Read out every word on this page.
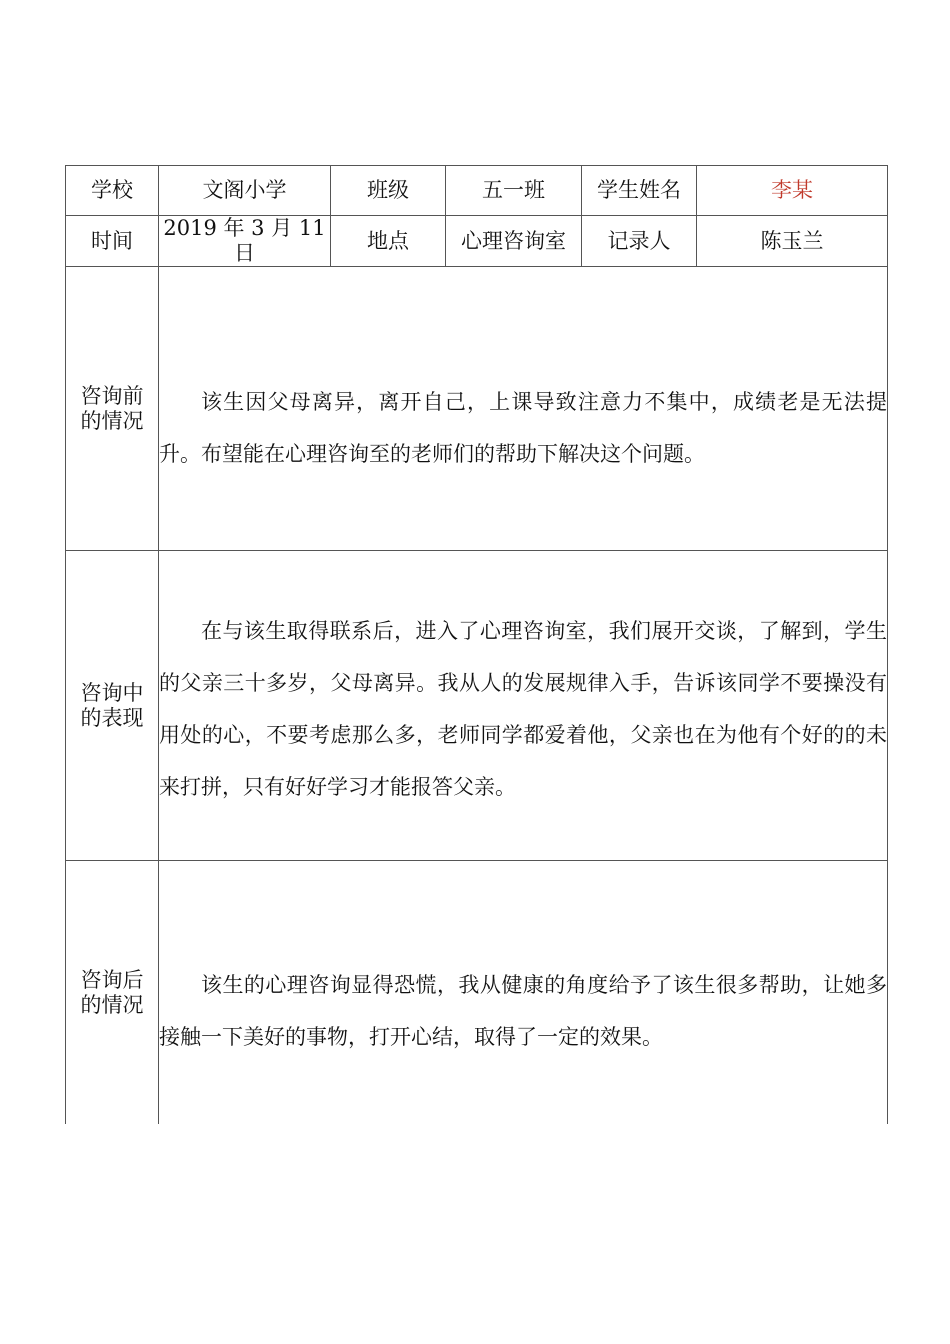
学校	文阁小学	班级	五一班	学生姓名	李某
时间	2019 年 3 月 11 日	地点	心理咨询室	记录人	陈玉兰

咨询前
的情况	该生因父母离异，离开自己，上课导致注意力不集中，成绩老是无法提升。布望能在心理咨询至的老师们的帮助下解决这个问题。				

咨询中
的表现	在与该生取得联系后，进入了心理咨询室，我们展开交谈，了解到，学生的父亲三十多岁，父母离异。我从人的发展规律入手，告诉该同学不要操没有用处的心，不要考虑那么多，老师同学都爱着他，父亲也在为他有个好的的未来打拼，只有好好学习才能报答父亲。				

咨询后
的情况	该生的心理咨询显得恐慌，我从健康的角度给予了该生很多帮助，让她多接触一下美好的事物，打开心结，取得了一定的效果。				
